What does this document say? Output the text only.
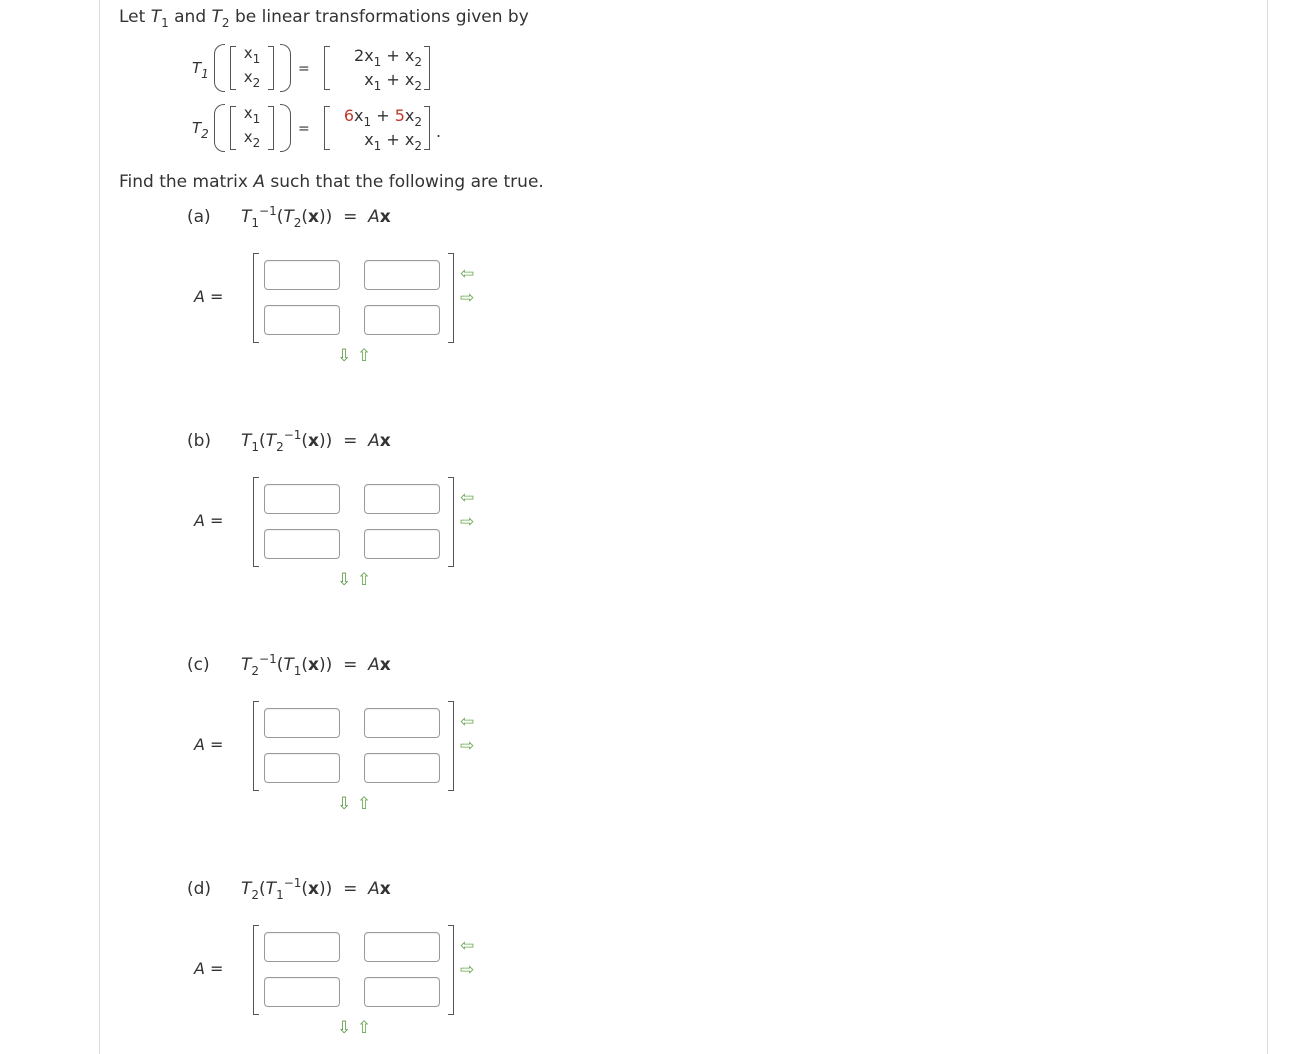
Let $T_1$ and $T_2$ be linear transformations given by
$T_1$
$x_1$
$x_2$
=
$2x_1 + x_2$
$x_1 + x_2$
$T_2$
$x_1$
$x_2$
=
$6x_1 + 5x_2$
$x_1 + x_2$
.
Find the matrix A such that the following are true.
(a) $T_1^{-1}(T_2(x)) = Ax$
A =
⇦
⇨
⇩ ⇧
(b) $T_1(T_2^{-1}(x)) = Ax$
A =
⇦
⇨
⇩ ⇧
(c) $T_2^{-1}(T_1(x)) = Ax$
A =
⇦
⇨
⇩ ⇧
(d) $T_2(T_1^{-1}(x)) = Ax$
A =
⇦
⇨
⇩ ⇧
